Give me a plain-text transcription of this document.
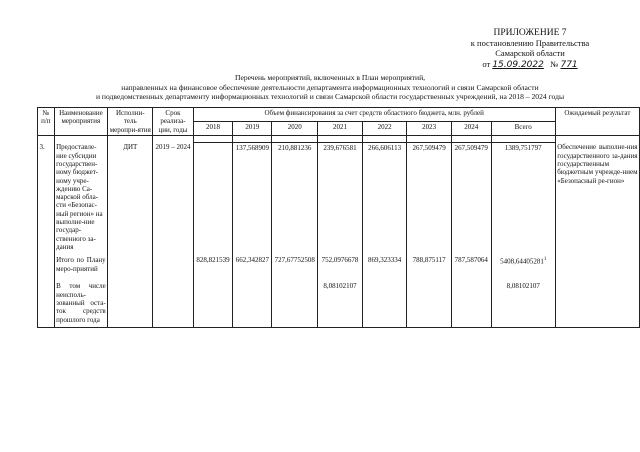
ПРИЛОЖЕНИЕ 7
к постановлению Правительства
Самарской области
от 15.09.2022 № 771
Перечень мероприятий, включенных в План мероприятий,
направленных на финансовое обеспечение деятельности департамента информационных технологий и связи Самарской области
и подведомственных департаменту информационных технологий и связи Самарской области государственных учреждений, на 2018 – 2024 годы
№ п/п	Наименование мероприятия	Исполни-тель меропри-ятия	Срок реализа-ции, годы	Объем финансирования за счет средств областного бюджета, млн. рублей								Ожидаемый результат
				2018	2019	2020	2021	2022	2023	2024	Всего	

3.	Предоставле-ние субсидии государствен-ному бюджет-ному учре-ждению Са-марской обла-сти «Безопас-ный регион» на выполне-ние государ-ственного за-дания	ДИТ	2019 – 2024		137,568909	210,881236	239,676581	266,606113	267,509479	267,509479	1389,751797	Обеспечение выполне-ния государственного за-дания государственным бюджетным учрежде-нием «Безопасный ре-гион»
	Итого по Плану меро-приятий			828,821539	662,342827	727,67752508	752,0976678	869,323334	788,875117	787,587064	5408,64405281$^1$	
	В том числе неисполь-зованный оста-ток средств прошлого года						8,08102107				8,08102107	
